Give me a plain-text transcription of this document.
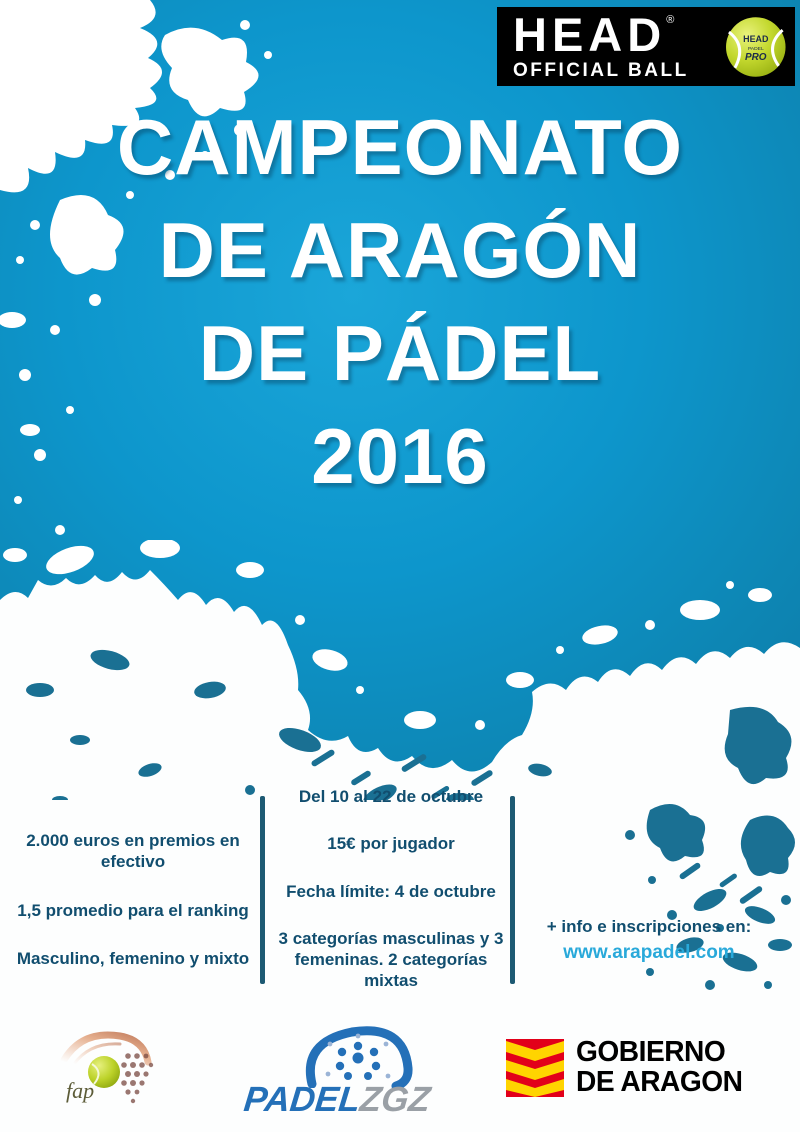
HEAD ®
OFFICIAL BALL
HEAD
PADEL
PRO
CAMPEONATO
DE ARAGÓN
DE PÁDEL
2016
2.000 euros en premios en efectivo
1,5 promedio para el ranking
Masculino, femenino y mixto
Del 10 al 22 de octubre
15€ por jugador
Fecha límite: 4 de octubre
3 categorías masculinas y 3 femeninas. 2 categorías mixtas
+ info e inscripciones en:
www.arapadel.com
fap	PADELZGZ
GOBIERNO
DE ARAGON
